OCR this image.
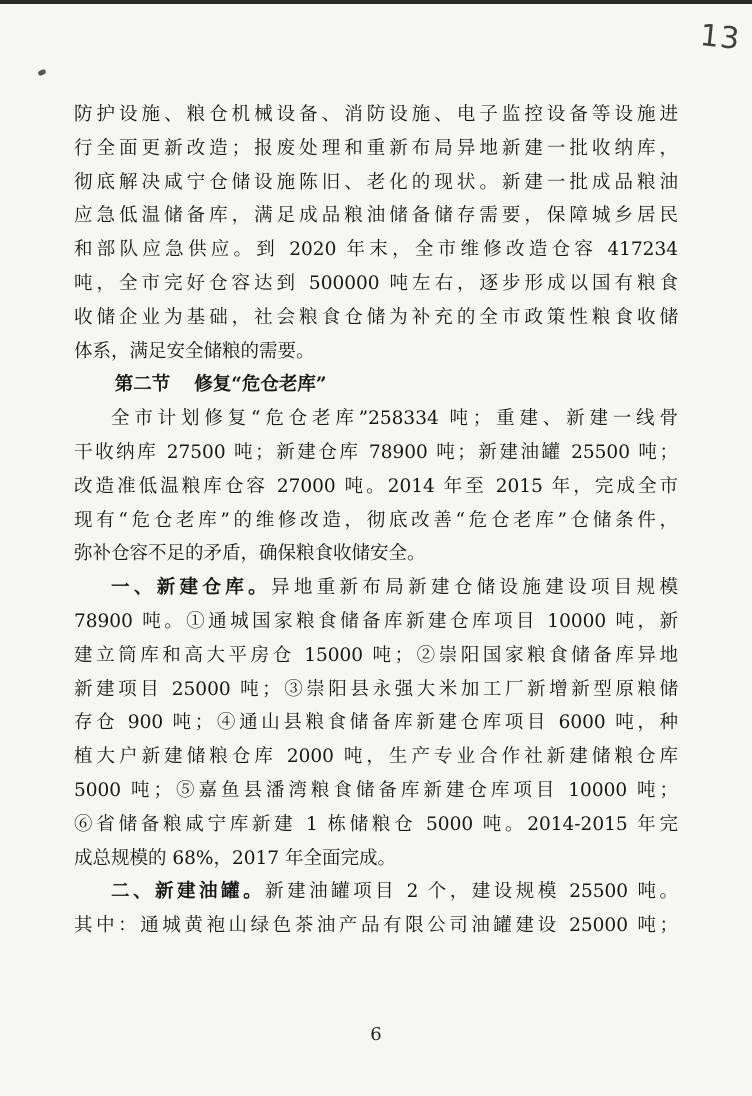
13
防护设施、粮仓机械设备、消防设施、电子监控设备等设施进
行全面更新改造；报废处理和重新布局异地新建一批收纳库，
彻底解决咸宁仓储设施陈旧、老化的现状。新建一批成品粮油
应急低温储备库，满足成品粮油储备储存需要，保障城乡居民
和部队应急供应。到 2020 年末，全市维修改造仓容 417234
吨，全市完好仓容达到 500000 吨左右，逐步形成以国有粮食
收储企业为基础，社会粮食仓储为补充的全市政策性粮食收储
体系，满足安全储粮的需要。
第二节 修复“危仓老库”
全市计划修复“危仓老库”258334 吨；重建、新建一线骨
干收纳库 27500 吨；新建仓库 78900 吨；新建油罐 25500 吨；
改造准低温粮库仓容 27000 吨。2014 年至 2015 年，完成全市
现有“危仓老库”的维修改造，彻底改善“危仓老库”仓储条件，
弥补仓容不足的矛盾，确保粮食收储安全。
一、新建仓库。异地重新布局新建仓储设施建设项目规模
78900 吨。①通城国家粮食储备库新建仓库项目 10000 吨，新
建立筒库和高大平房仓 15000 吨；②崇阳国家粮食储备库异地
新建项目 25000 吨；③崇阳县永强大米加工厂新增新型原粮储
存仓 900 吨；④通山县粮食储备库新建仓库项目 6000 吨，种
植大户新建储粮仓库 2000 吨，生产专业合作社新建储粮仓库
5000 吨；⑤嘉鱼县潘湾粮食储备库新建仓库项目 10000 吨；
⑥省储备粮咸宁库新建 1 栋储粮仓 5000 吨。2014-2015 年完
成总规模的 68%，2017 年全面完成。
二、新建油罐。新建油罐项目 2 个，建设规模 25500 吨。
其中：通城黄袍山绿色茶油产品有限公司油罐建设 25000 吨；
6
